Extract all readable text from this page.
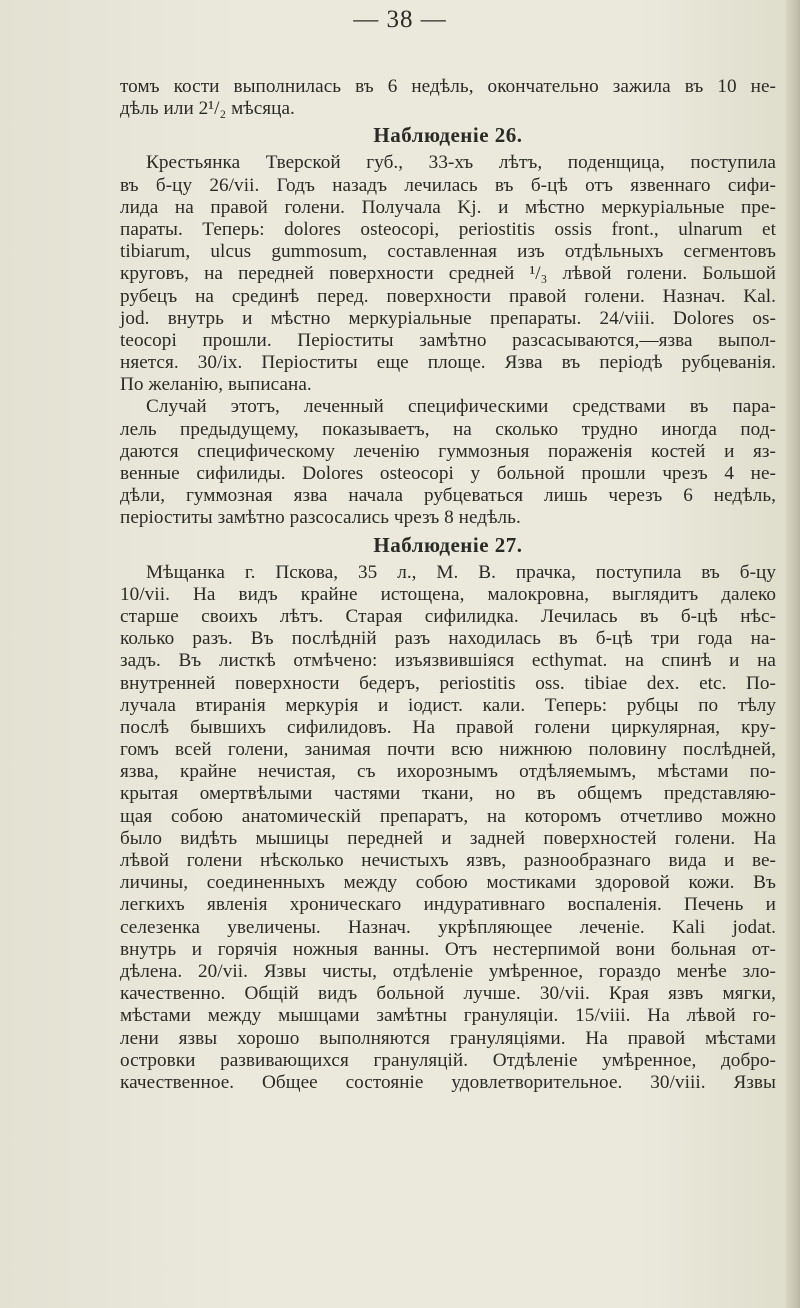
— 38 —
томъ кости выполнилась въ 6 недѣль, окончательно зажила въ 10 не-
дѣль или 2¹/₂ мѣсяца.
Наблюденіе 26.
Крестьянка Тверской губ., 33-хъ лѣтъ, поденщица, поступила
въ б-цу 26/vii. Годъ назадъ лечилась въ б-цѣ отъ язвеннаго сифи-
лида на правой голени. Получала Kj. и мѣстно меркуріальные пре-
параты. Теперь: dolores osteocopi, periostitis ossis front., ulnarum et
tibiarum, ulcus gummosum, составленная изъ отдѣльныхъ сегментовъ
круговъ, на передней поверхности средней ¹/₃ лѣвой голени. Большой
рубецъ на срединѣ перед. поверхности правой голени. Назнач. Kal.
jod. внутрь и мѣстно меркуріальные препараты. 24/viii. Dolores os-
teocopi прошли. Періоститы замѣтно разсасываются,—язва выпол-
няется. 30/ix. Періоститы еще площе. Язва въ періодѣ рубцеванія.
По желанію, выписана.
Случай этотъ, леченный специфическими средствами въ пара-
лель предыдущему, показываетъ, на сколько трудно иногда под-
даются специфическому леченію гуммозныя пораженія костей и яз-
венные сифилиды. Dolores osteocopi у больной прошли чрезъ 4 не-
дѣли, гуммозная язва начала рубцеваться лишь черезъ 6 недѣль,
періоститы замѣтно разсосались чрезъ 8 недѣль.
Наблюденіе 27.
Мѣщанка г. Пскова, 35 л., М. В. прачка, поступила въ б-цу
10/vii. На видъ крайне истощена, малокровна, выглядитъ далеко
старше своихъ лѣтъ. Старая сифилидка. Лечилась въ б-цѣ нѣс-
колько разъ. Въ послѣдній разъ находилась въ б-цѣ три года на-
задъ. Въ листкѣ отмѣчено: изъязвившіяся ecthymat. на спинѣ и на
внутренней поверхности бедеръ, periostitis oss. tibiae dex. etc. По-
лучала втиранія меркурія и іодист. кали. Теперь: рубцы по тѣлу
послѣ бывшихъ сифилидовъ. На правой голени циркулярная, кру-
гомъ всей голени, занимая почти всю нижнюю половину послѣдней,
язва, крайне нечистая, съ ихорознымъ отдѣляемымъ, мѣстами по-
крытая омертвѣлыми частями ткани, но въ общемъ представляю-
щая собою анатомическій препаратъ, на которомъ отчетливо можно
было видѣть мышицы передней и задней поверхностей голени. На
лѣвой голени нѣсколько нечистыхъ язвъ, разнообразнаго вида и ве-
личины, соединенныхъ между собою мостиками здоровой кожи. Въ
легкихъ явленія хроническаго индуративнаго воспаленія. Печень и
селезенка увеличены. Назнач. укрѣпляющее леченіе. Kali jodat.
внутрь и горячія ножныя ванны. Отъ нестерпимой вони больная от-
дѣлена. 20/vii. Язвы чисты, отдѣленіе умѣренное, гораздо менѣе зло-
качественно. Общій видъ больной лучше. 30/vii. Края язвъ мягки,
мѣстами между мышцами замѣтны грануляціи. 15/viii. На лѣвой го-
лени язвы хорошо выполняются грануляціями. На правой мѣстами
островки развивающихся грануляцій. Отдѣленіе умѣренное, добро-
качественное. Общее состояніе удовлетворительное. 30/viii. Язвы
